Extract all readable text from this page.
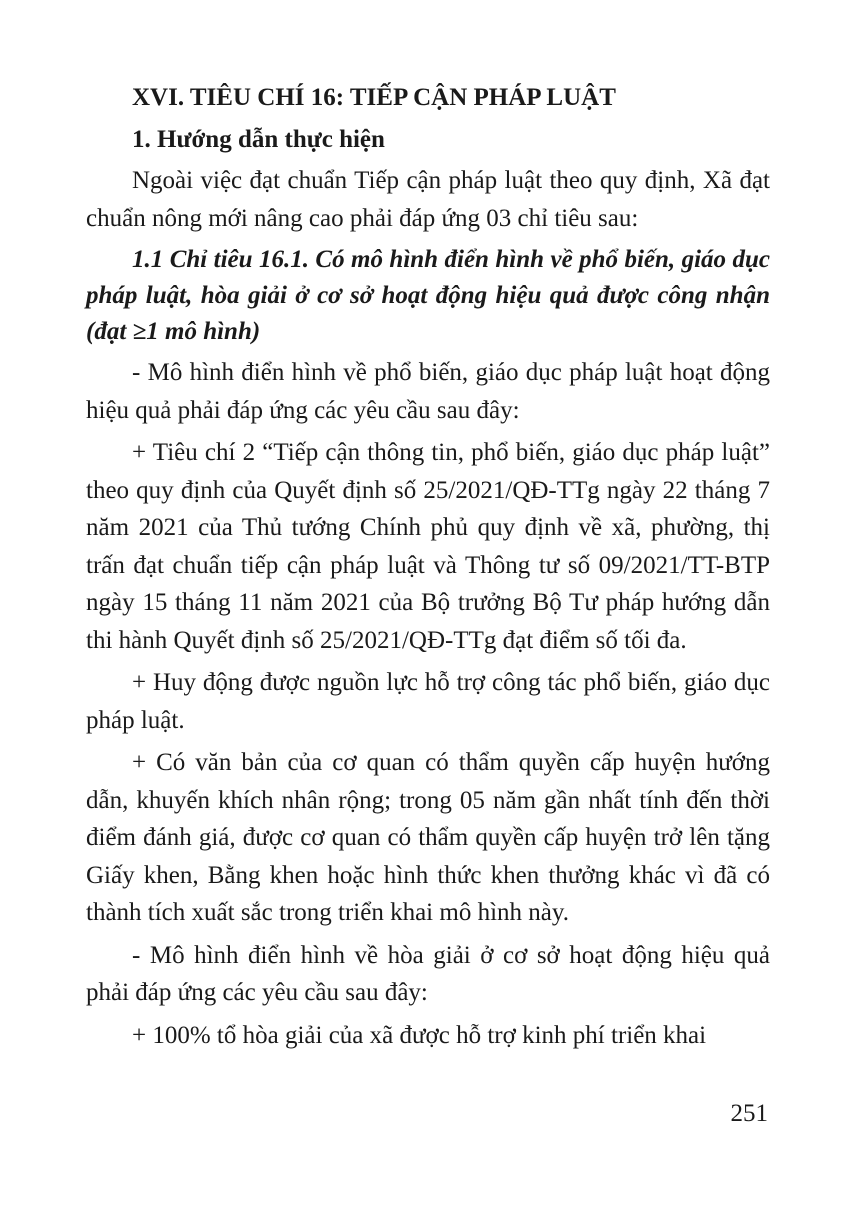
XVI. TIÊU CHÍ 16: TIẾP CẬN PHÁP LUẬT

1. Hướng dẫn thực hiện

Ngoài việc đạt chuẩn Tiếp cận pháp luật theo quy định, Xã đạt chuẩn nông mới nâng cao phải đáp ứng 03 chỉ tiêu sau:

1.1 Chỉ tiêu 16.1. Có mô hình điển hình về phổ biến, giáo dục pháp luật, hòa giải ở cơ sở hoạt động hiệu quả được công nhận (đạt ≥1 mô hình)

- Mô hình điển hình về phổ biến, giáo dục pháp luật hoạt động hiệu quả phải đáp ứng các yêu cầu sau đây:

+ Tiêu chí 2 “Tiếp cận thông tin, phổ biến, giáo dục pháp luật” theo quy định của Quyết định số 25/2021/QĐ-TTg ngày 22 tháng 7 năm 2021 của Thủ tướng Chính phủ quy định về xã, phường, thị trấn đạt chuẩn tiếp cận pháp luật và Thông tư số 09/2021/TT-BTP ngày 15 tháng 11 năm 2021 của Bộ trưởng Bộ Tư pháp hướng dẫn thi hành Quyết định số 25/2021/QĐ-TTg đạt điểm số tối đa.

+ Huy động được nguồn lực hỗ trợ công tác phổ biến, giáo dục pháp luật.

+ Có văn bản của cơ quan có thẩm quyền cấp huyện hướng dẫn, khuyến khích nhân rộng; trong 05 năm gần nhất tính đến thời điểm đánh giá, được cơ quan có thẩm quyền cấp huyện trở lên tặng Giấy khen, Bằng khen hoặc hình thức khen thưởng khác vì đã có thành tích xuất sắc trong triển khai mô hình này.

- Mô hình điển hình về hòa giải ở cơ sở hoạt động hiệu quả phải đáp ứng các yêu cầu sau đây:

+ 100% tổ hòa giải của xã được hỗ trợ kinh phí triển khai

251
